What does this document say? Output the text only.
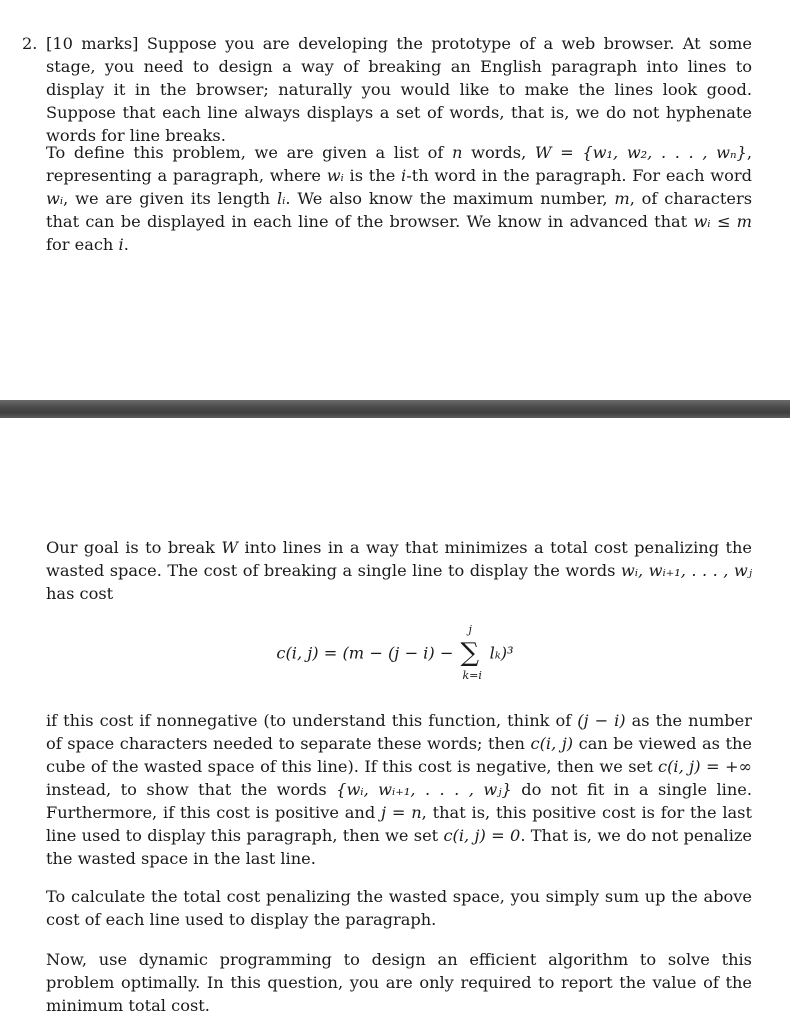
2. [10 marks] Suppose you are developing the prototype of a web browser. At some stage, you need to design a way of breaking an English paragraph into lines to display it in the browser; naturally you would like to make the lines look good. Suppose that each line always displays a set of words, that is, we do not hyphenate words for line breaks.

To define this problem, we are given a list of n words, W = {w₁, w₂, . . . , wₙ}, representing a paragraph, where wᵢ is the i-th word in the paragraph. For each word wᵢ, we are given its length lᵢ. We also know the maximum number, m, of characters that can be displayed in each line of the browser. We know in advanced that wᵢ ≤ m for each i.

Our goal is to break W into lines in a way that minimizes a total cost penalizing the wasted space. The cost of breaking a single line to display the words wᵢ, wᵢ₊₁, . . . , wⱼ has cost

c(i, j) = (m − (j − i) −
j
∑
k=i
lₖ)³

if this cost if nonnegative (to understand this function, think of (j − i) as the number of space characters needed to separate these words; then c(i, j) can be viewed as the cube of the wasted space of this line). If this cost is negative, then we set c(i, j) = +∞ instead, to show that the words {wᵢ, wᵢ₊₁, . . . , wⱼ} do not fit in a single line. Furthermore, if this cost is positive and j = n, that is, this positive cost is for the last line used to display this paragraph, then we set c(i, j) = 0. That is, we do not penalize the wasted space in the last line.

To calculate the total cost penalizing the wasted space, you simply sum up the above cost of each line used to display the paragraph.

Now, use dynamic programming to design an efficient algorithm to solve this problem optimally. In this question, you are only required to report the value of the minimum total cost.
